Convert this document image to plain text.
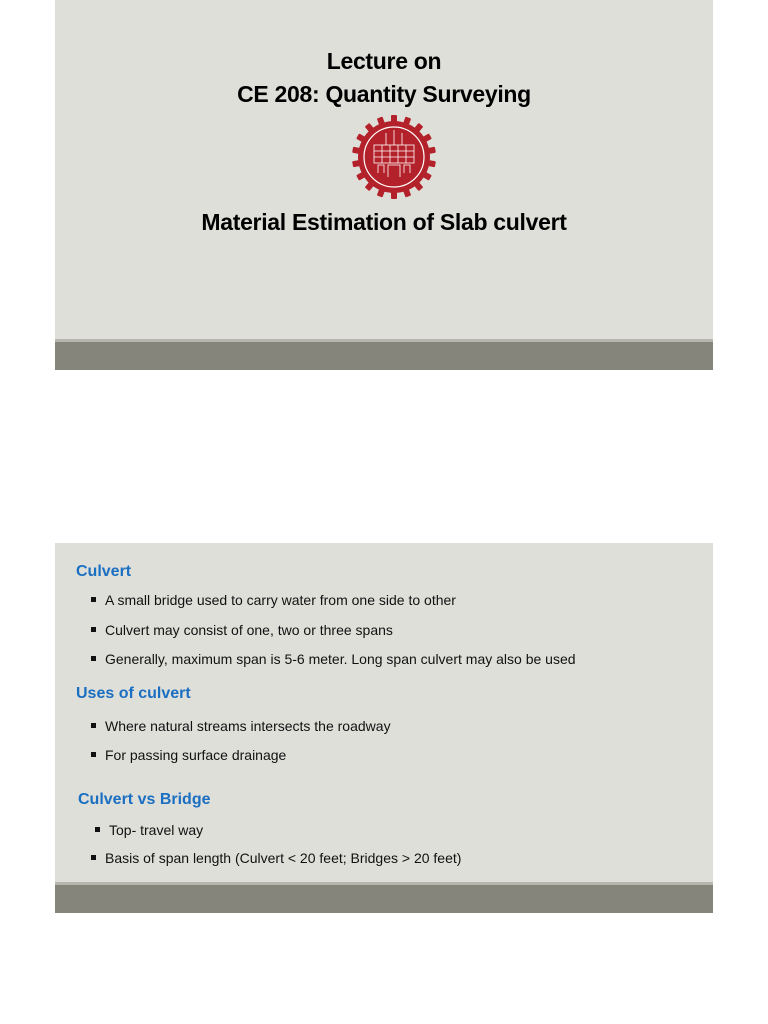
Lecture on
CE 208: Quantity Surveying
Material Estimation of Slab culvert
Culvert
A small bridge used to carry water from one side to other
Culvert may consist of one, two or three spans
Generally, maximum span is 5-6 meter. Long span culvert may also be used
Uses of culvert
Where natural streams intersects the roadway
For passing surface drainage
Culvert vs Bridge
Top- travel way
Basis of span length (Culvert < 20 feet; Bridges > 20 feet)
